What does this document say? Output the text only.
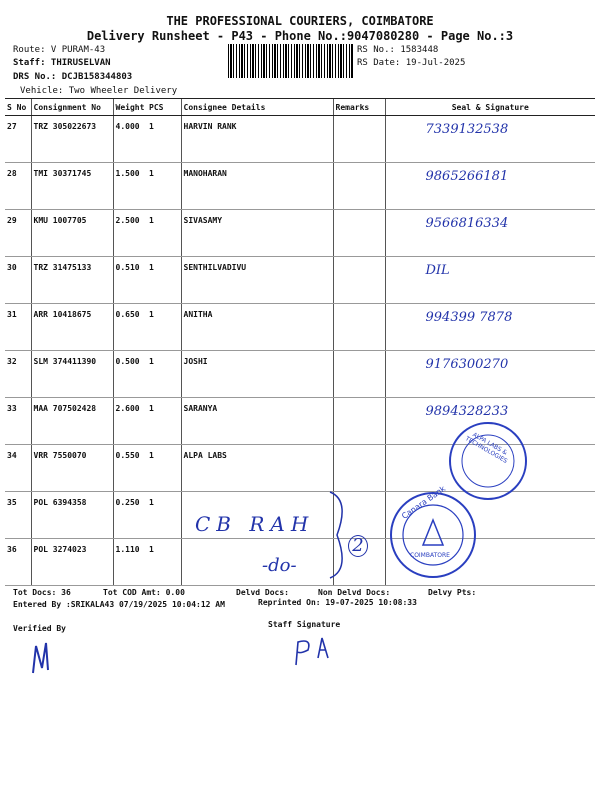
THE PROFESSIONAL COURIERS, COIMBATORE
Delivery Runsheet - P43 - Phone No.:9047080280 - Page No.:3
Route: V PURAM-43
Staff: THIRUSELVAN
DRS No.: DCJB158344803
Vehicle: Two Wheeler Delivery
RS No.: 1583448
RS Date: 19-Jul-2025
S No	Consignment No	Weight	PCS	Consignee Details	Remarks	Seal & Signature
27	TRZ 305022673	4.000	1	HARVIN RANK		7339132538
28	TMI 30371745	1.500	1	MANOHARAN		9865266181
29	KMU 1007705	2.500	1	SIVASAMY		9566816334
30	TRZ 31475133	0.510	1	SENTHILVADIVU		DIL
31	ARR 10418675	0.650	1	ANITHA		994399 7878
32	SLM 374411390	0.500	1	JOSHI		9176300270
33	MAA 707502428	2.600	1	SARANYA		9894328233
34	VRR 7550070	0.550	1	ALPA LABS		
35	POL 6394358	0.250	1			
36	POL 3274023	1.110	1			
CB RAH
-do-
2
Canara Bank
COIMBATORE
ALPA LABS & TECHNOLOGIES
Tot Docs: 36	Tot COD Amt: 0.00	Delvd Docs:	Non Delvd Docs:	Delvy Pts:
Entered By :SRIKALA43 07/19/2025 10:04:12 AM	Reprinted On: 19-07-2025 10:08:33
Verified By	Staff Signature
